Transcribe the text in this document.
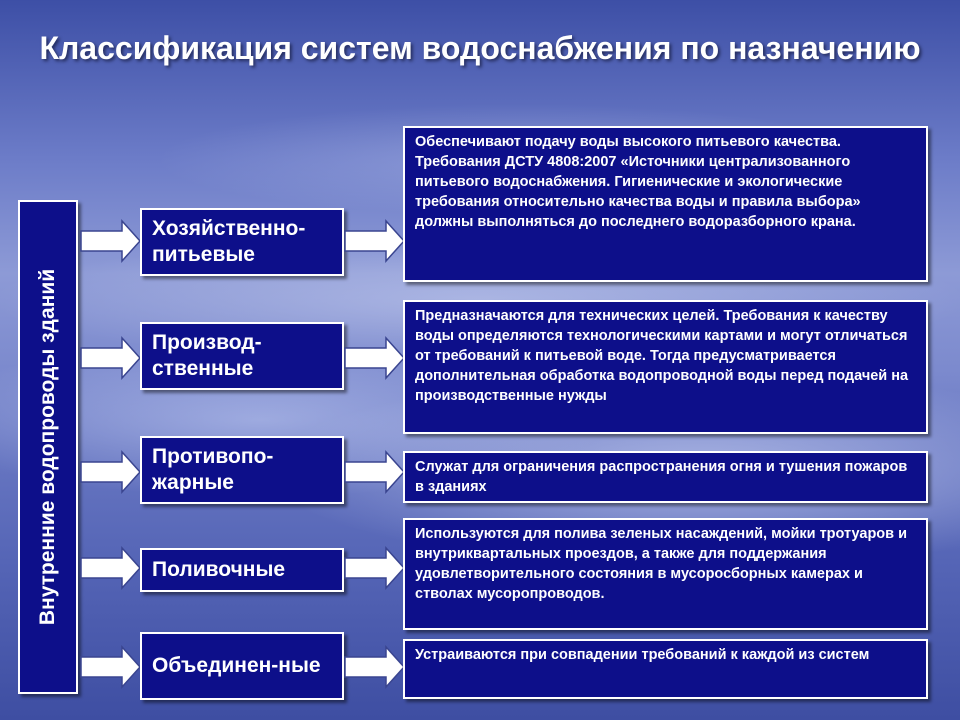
Классификация систем водоснабжения по назначению
Внутренние водопроводы зданий
Хозяйственно-питьевые
Обеспечивают подачу воды высокого питьевого качества. Требования ДСТУ 4808:2007 «Источники централизованного питьевого водоснабжения. Гигиенические и экологические требования относительно качества воды и правила выбора» должны выполняться до последнего водоразборного крана.
Производ-ственные
Предназначаются для технических целей. Требования к качеству воды определяются технологическими картами и могут отличаться от требований к питьевой воде. Тогда предусматривается дополнительная обработка водопроводной воды перед подачей на производственные нужды
Противопо-жарные
Служат для ограничения распространения огня и тушения пожаров в зданиях
Поливочные
Используются для полива зеленых насаждений, мойки тротуаров и внутриквартальных проездов, а также для поддержания удовлетворительного состояния в мусоросборных камерах и стволах мусоропроводов.
Объединен-ные	Устраиваются при совпадении требований к каждой из систем
